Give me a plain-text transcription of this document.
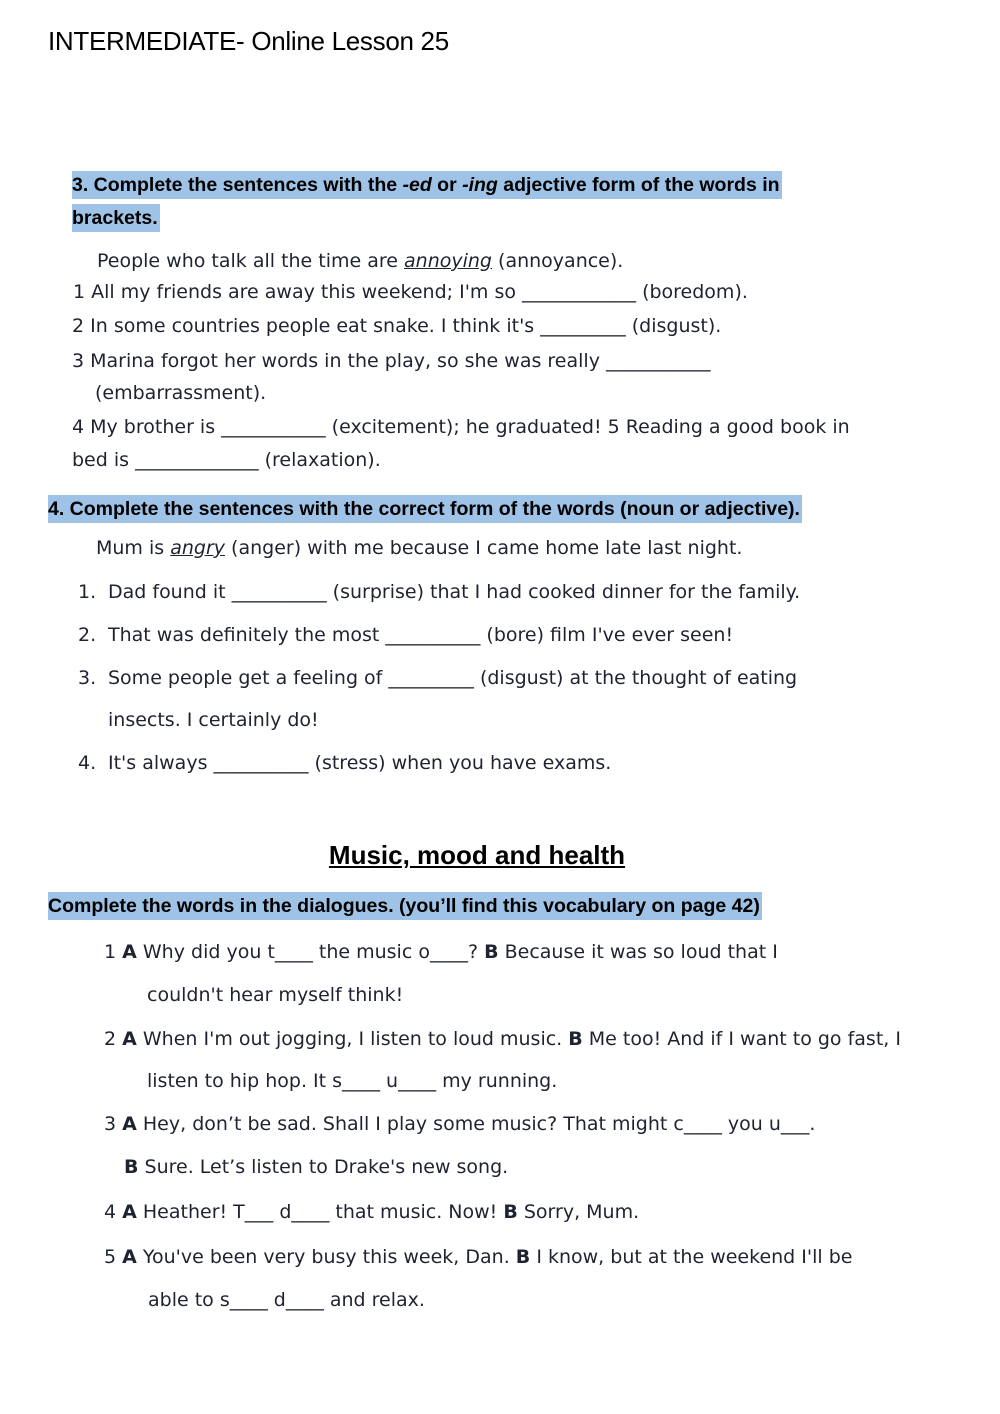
INTERMEDIATE- Online Lesson 25
3. Complete the sentences with the -ed or -ing adjective form of the words in
brackets.
People who talk all the time are annoying (annoyance).
1 All my friends are away this weekend; I'm so ____________ (boredom).
2 In some countries people eat snake. I think it's _________ (disgust).
3 Marina forgot her words in the play, so she was really ___________
(embarrassment).
4 My brother is ___________ (excitement); he graduated! 5 Reading a good book in
bed is _____________ (relaxation).
4. Complete the sentences with the correct form of the words (noun or adjective).
Mum is angry (anger) with me because I came home late last night.
1. Dad found it __________ (surprise) that I had cooked dinner for the family.
2. That was definitely the most __________ (bore) film I've ever seen!
3. Some people get a feeling of _________ (disgust) at the thought of eating
insects. I certainly do!
4. It's always __________ (stress) when you have exams.
Music, mood and health
Complete the words in the dialogues. (you’ll find this vocabulary on page 42)
1 A Why did you t____ the music o____? B Because it was so loud that I
couldn't hear myself think!
2 A When I'm out jogging, I listen to loud music. B Me too! And if I want to go fast, I
listen to hip hop. It s____ u____ my running.
3 A Hey, don’t be sad. Shall I play some music? That might c____ you u___.
B Sure. Let’s listen to Drake's new song.
4 A Heather! T___ d____ that music. Now! B Sorry, Mum.
5 A You've been very busy this week, Dan. B I know, but at the weekend I'll be
able to s____ d____ and relax.
